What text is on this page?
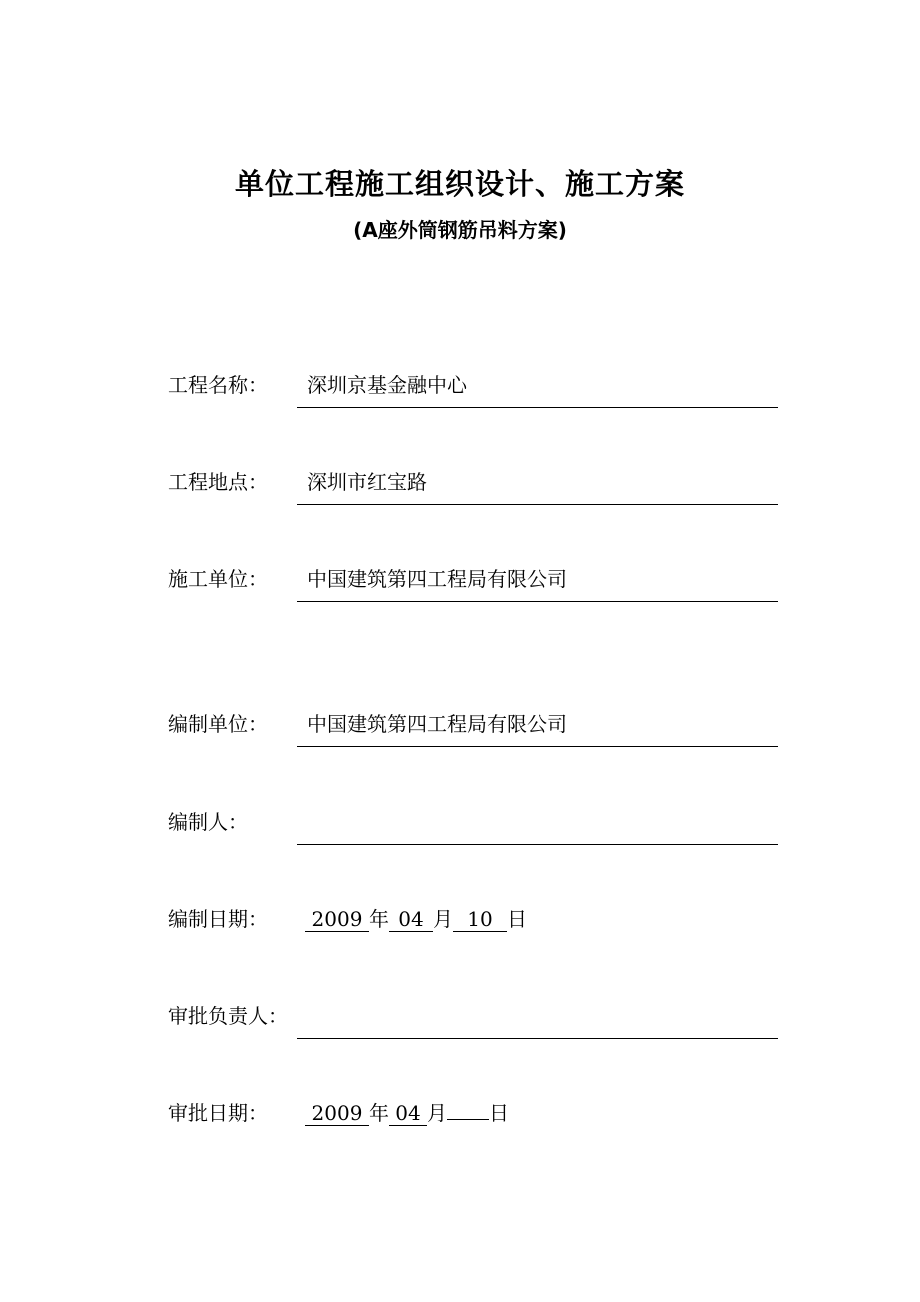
单位工程施工组织设计、施工方案
(A座外筒钢筋吊料方案)
工程名称： 深圳京基金融中心
工程地点： 深圳市红宝路
施工单位： 中国建筑第四工程局有限公司
编制单位： 中国建筑第四工程局有限公司
编制人：
编制日期：	2009 年 04 月 10 日
审批负责人：
审批日期：	2009 年 04 月 日
